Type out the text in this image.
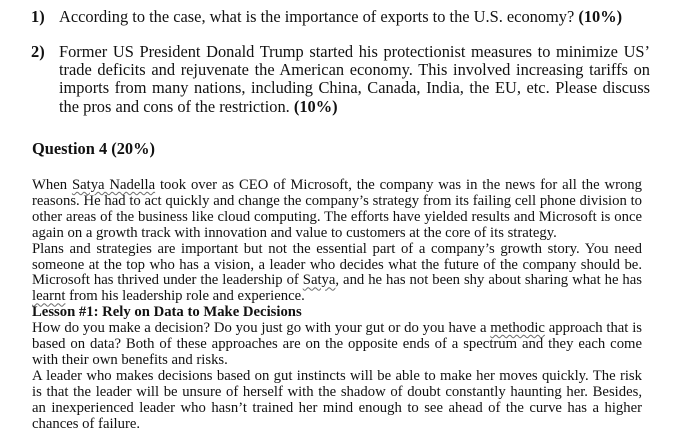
1) According to the case, what is the importance of exports to the U.S. economy? (10%)
2) Former US President Donald Trump started his protectionist measures to minimize US’ trade deficits and rejuvenate the American economy. This involved increasing tariffs on imports from many nations, including China, Canada, India, the EU, etc. Please discuss the pros and cons of the restriction. (10%)
Question 4 (20%)

When Satya Nadella took over as CEO of Microsoft, the company was in the news for all the wrong reasons. He had to act quickly and change the company’s strategy from its failing cell phone division to other areas of the business like cloud computing. The efforts have yielded results and Microsoft is once again on a growth track with innovation and value to customers at the core of its strategy.

Plans and strategies are important but not the essential part of a company’s growth story. You need someone at the top who has a vision, a leader who decides what the future of the company should be. Microsoft has thrived under the leadership of Satya, and he has not been shy about sharing what he has learnt from his leadership role and experience.

Lesson #1: Rely on Data to Make Decisions

How do you make a decision? Do you just go with your gut or do you have a methodic approach that is based on data? Both of these approaches are on the opposite ends of a spectrum and they each come with their own benefits and risks.

A leader who makes decisions based on gut instincts will be able to make her moves quickly. The risk is that the leader will be unsure of herself with the shadow of doubt constantly haunting her. Besides, an inexperienced leader who hasn’t trained her mind enough to see ahead of the curve has a higher chances of failure.
